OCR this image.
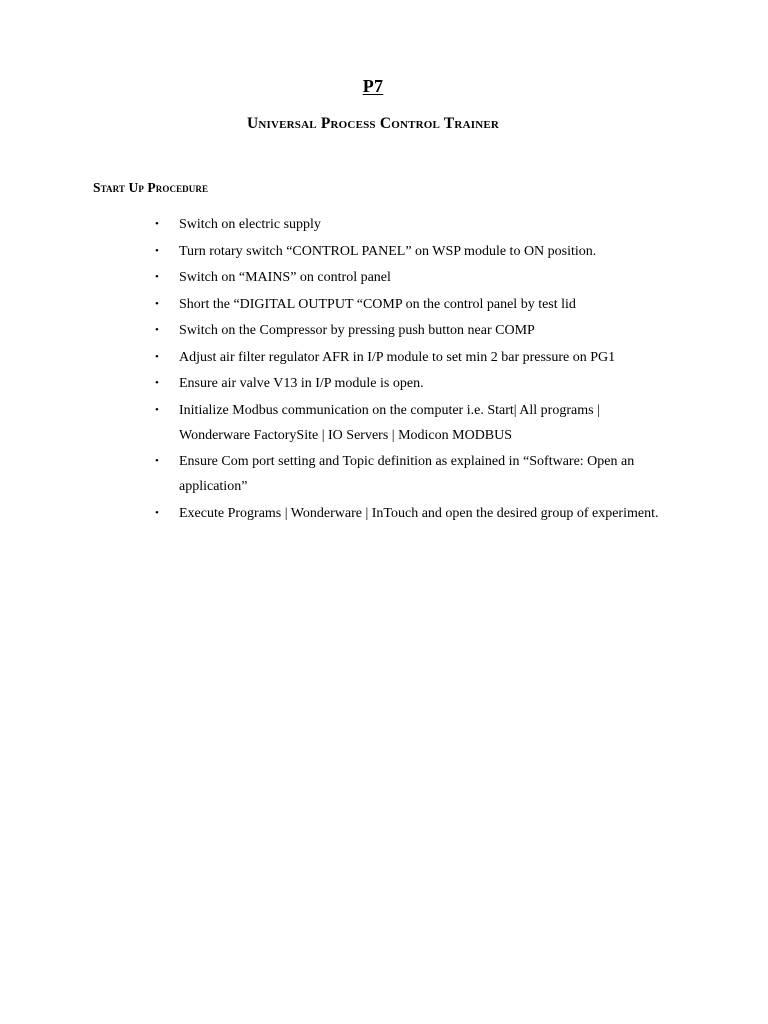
P7
Universal Process Control Trainer
Start Up Procedure
• Switch on electric supply
• Turn rotary switch “CONTROL PANEL” on WSP module to ON position.
• Switch on “MAINS” on control panel
• Short the “DIGITAL OUTPUT “COMP on the control panel by test lid
• Switch on the Compressor by pressing push button near COMP
• Adjust air filter regulator AFR in I/P module to set min 2 bar pressure on PG1
• Ensure air valve V13 in I/P module is open.
• Initialize Modbus communication on the computer i.e. Start| All programs | Wonderware FactorySite | IO Servers | Modicon MODBUS
• Ensure Com port setting and Topic definition as explained in “Software: Open an application”
• Execute Programs | Wonderware | InTouch and open the desired group of experiment.
